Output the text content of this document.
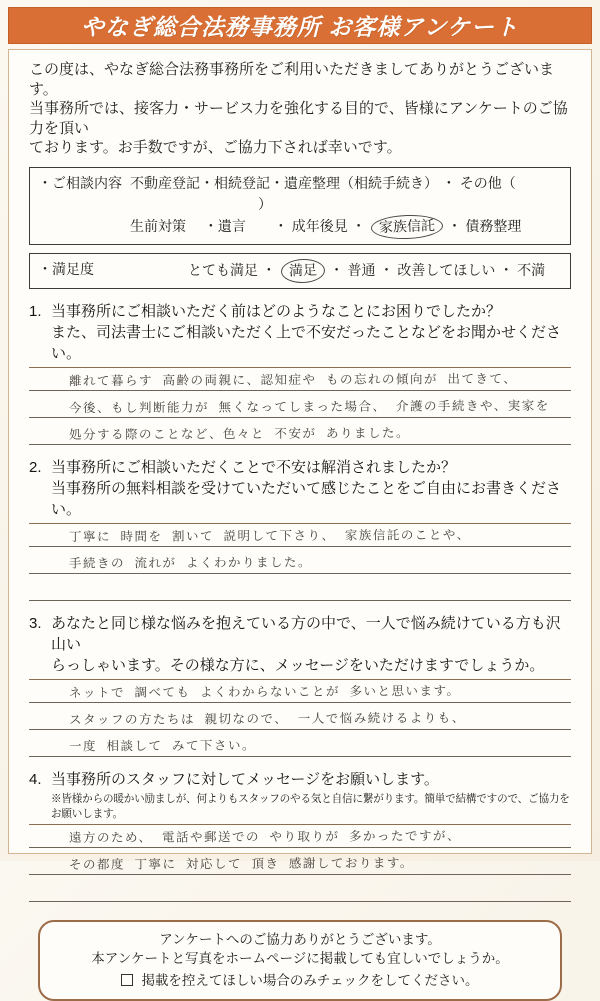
やなぎ総合法務事務所 お客様アンケート
この度は、やなぎ総合法務事務所をご利用いただきましてありがとうございます。
当事務所では、接客力・サービス力を強化する目的で、皆様にアンケートのご協力を頂い
ております。お手数ですが、ご協力下されば幸いです。
・ご相談内容 不動産登記・相続登記・遺産整理（相続手続き） ・ その他（）
生前対策　 ・遺言　　・ 成年後見 ・ 家族信託 ・ 債務整理
・満足度	とても満足 ・ 満足 ・ 普通 ・ 改善してほしい ・ 不満
1. 当事務所にご相談いただく前はどのようなことにお困りでしたか？
また、司法書士にご相談いただく上で不安だったことなどをお聞かせください。
離れて暮らす 高齢の両親に、認知症や もの忘れの傾向が 出てきて、
今後、もし判断能力が 無くなってしまった場合、 介護の手続きや、実家を
処分する際のことなど、色々と 不安が ありました。
2. 当事務所にご相談いただくことで不安は解消されましたか？
当事務所の無料相談を受けていただいて感じたことをご自由にお書きください。
丁寧に 時間を 割いて 説明して下さり、 家族信託のことや、
手続きの 流れが よくわかりました。
3. あなたと同じ様な悩みを抱えている方の中で、一人で悩み続けている方も沢山い
らっしゃいます。その様な方に、メッセージをいただけますでしょうか。
ネットで 調べても よくわからないことが 多いと思います。
スタッフの方たちは 親切なので、 一人で悩み続けるよりも、
一度 相談して みて下さい。
4. 当事務所のスタッフに対してメッセージをお願いします。
※皆様からの暖かい励ましが、何よりもスタッフのやる気と自信に繋がります。簡単で結構ですので、ご協力をお願いします。
遠方のため、 電話や郵送での やり取りが 多かったですが、
その都度 丁寧に 対応して 頂き 感謝しております。
アンケートへのご協力ありがとうございます。
本アンケートと写真をホームページに掲載しても宜しいでしょうか。
掲載を控えてほしい場合のみチェックをしてください。
